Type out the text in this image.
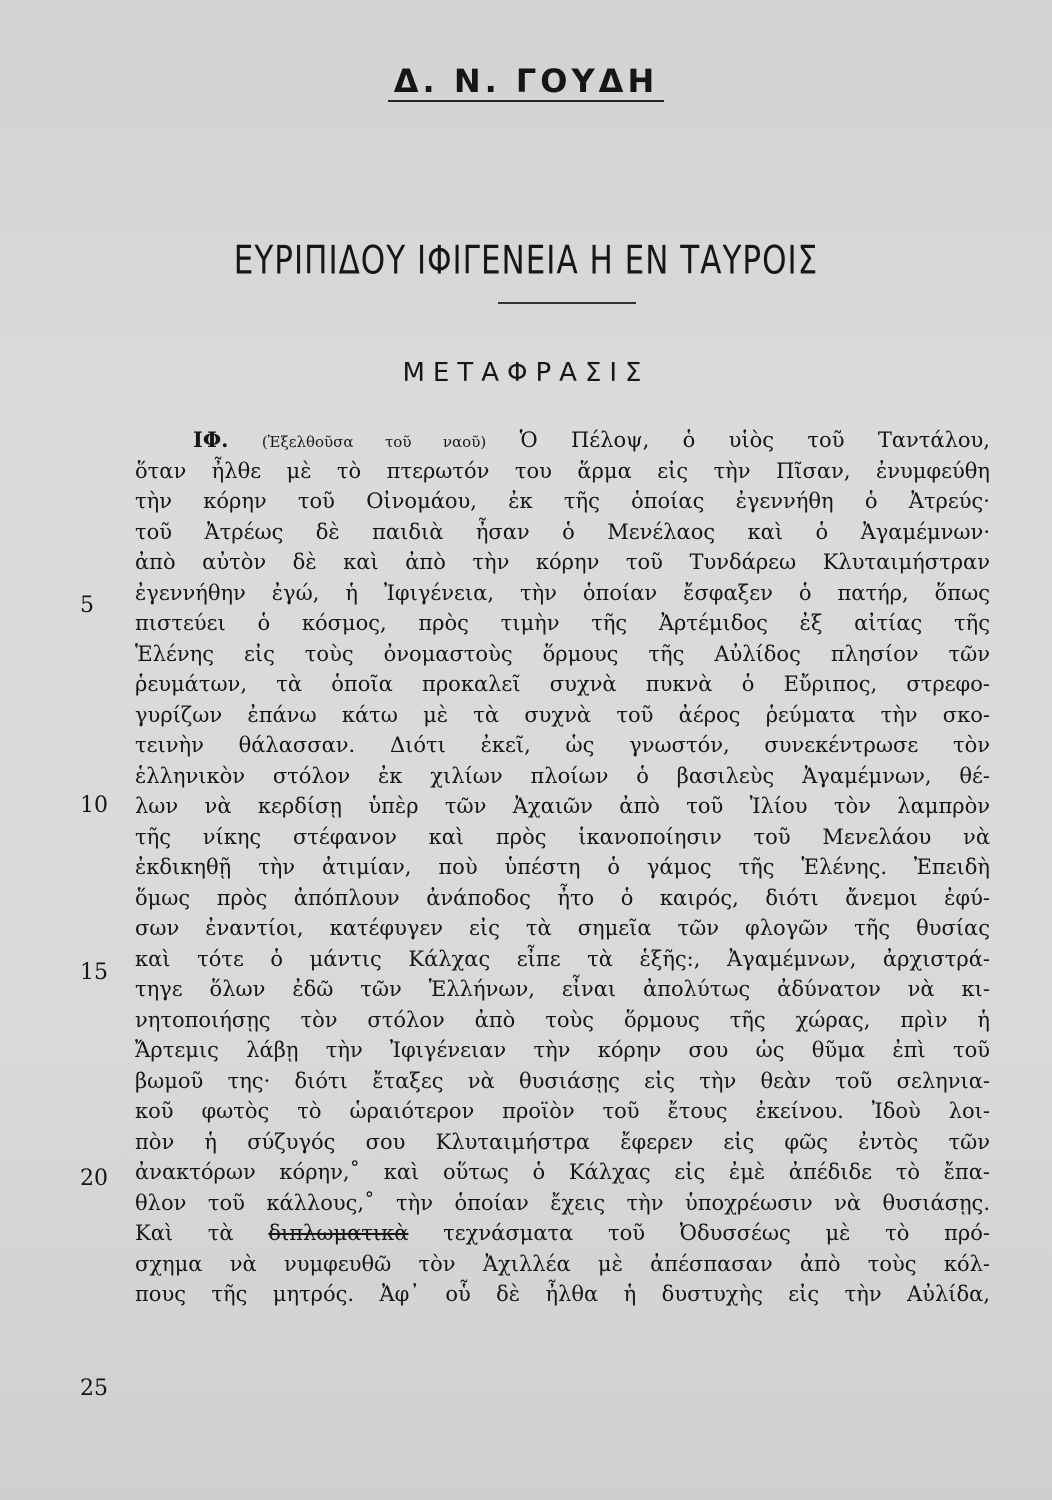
Δ. Ν. ΓΟΥΔΗ
ΕΥΡΙΠΙΔΟΥ ΙΦΙΓΕΝΕΙΑ Η ΕΝ ΤΑΥΡΟΙΣ
ΜΕΤΑΦΡΑΣΙΣ
5
10
15
20
25
ΙΦ. (Ἐξελθοῦσα τοῦ ναοῦ) Ὁ Πέλοψ, ὁ υἱὸς τοῦ Ταντάλου,
ὅταν ἦλθε μὲ τὸ πτερωτόν του ἅρμα εἰς τὴν Πῖσαν, ἐνυμφεύθη
τὴν κόρην τοῦ Οἰνομάου, ἐκ τῆς ὁποίας ἐγεννήθη ὁ Ἀτρεύς·
τοῦ Ἀτρέως δὲ παιδιὰ ἦσαν ὁ Μενέλαος καὶ ὁ Ἀγαμέμνων·
ἀπὸ αὐτὸν δὲ καὶ ἀπὸ τὴν κόρην τοῦ Τυνδάρεω Κλυταιμήστραν
ἐγεννήθην ἐγώ, ἡ Ἰφιγένεια, τὴν ὁποίαν ἔσφαξεν ὁ πατήρ, ὅπως
πιστεύει ὁ κόσμος, πρὸς τιμὴν τῆς Ἀρτέμιδος ἐξ αἰτίας τῆς
Ἑλένης εἰς τοὺς ὀνομαστοὺς ὅρμους τῆς Αὐλίδος πλησίον τῶν
ῥευμάτων, τὰ ὁποῖα προκαλεῖ συχνὰ πυκνὰ ὁ Εὔριπος, στρεφο-
γυρίζων ἐπάνω κάτω μὲ τὰ συχνὰ τοῦ ἀέρος ῥεύματα τὴν σκο-
τεινὴν θάλασσαν. Διότι ἐκεῖ, ὡς γνωστόν, συνεκέντρωσε τὸν
ἑλληνικὸν στόλον ἐκ χιλίων πλοίων ὁ βασιλεὺς Ἀγαμέμνων, θέ-
λων νὰ κερδίσῃ ὑπὲρ τῶν Ἀχαιῶν ἀπὸ τοῦ Ἰλίου τὸν λαμπρὸν
τῆς νίκης στέφανον καὶ πρὸς ἱκανοποίησιν τοῦ Μενελάου νὰ
ἐκδικηθῇ τὴν ἀτιμίαν, ποὺ ὑπέστη ὁ γάμος τῆς Ἑλένης. Ἐπειδὴ
ὅμως πρὸς ἀπόπλουν ἀνάποδος ἦτο ὁ καιρός, διότι ἄνεμοι ἐφύ-
σων ἐναντίοι, κατέφυγεν εἰς τὰ σημεῖα τῶν φλογῶν τῆς θυσίας
καὶ τότε ὁ μάντις Κάλχας εἶπε τὰ ἑξῆς:, Ἀγαμέμνων, ἀρχιστρά-
τηγε ὅλων ἐδῶ τῶν Ἑλλήνων, εἶναι ἀπολύτως ἀδύνατον νὰ κι-
νητοποιήσῃς τὸν στόλον ἀπὸ τοὺς ὅρμους τῆς χώρας, πρὶν ἡ
Ἄρτεμις λάβῃ τὴν Ἰφιγένειαν τὴν κόρην σου ὡς θῦμα ἐπὶ τοῦ
βωμοῦ της· διότι ἔταξες νὰ θυσιάσῃς εἰς τὴν θεὰν τοῦ σεληνια-
κοῦ φωτὸς τὸ ὡραιότερον προϊὸν τοῦ ἔτους ἐκείνου. Ἰδοὺ λοι-
πὸν ἡ σύζυγός σου Κλυταιμήστρα ἔφερεν εἰς φῶς ἐντὸς τῶν
ἀνακτόρων κόρην,˚ καὶ οὕτως ὁ Κάλχας εἰς ἐμὲ ἀπέδιδε τὸ ἔπα-
θλον τοῦ κάλλους,˚ τὴν ὁποίαν ἔχεις τὴν ὑποχρέωσιν νὰ θυσιάσῃς.
Καὶ τὰ διπλωματικὰ τεχνάσματα τοῦ Ὀδυσσέως μὲ τὸ πρό-
σχημα νὰ νυμφευθῶ τὸν Ἀχιλλέα μὲ ἀπέσπασαν ἀπὸ τοὺς κόλ-
πους τῆς μητρός. Ἀφ᾽ οὗ δὲ ἦλθα ἡ δυστυχὴς εἰς τὴν Αὐλίδα,
